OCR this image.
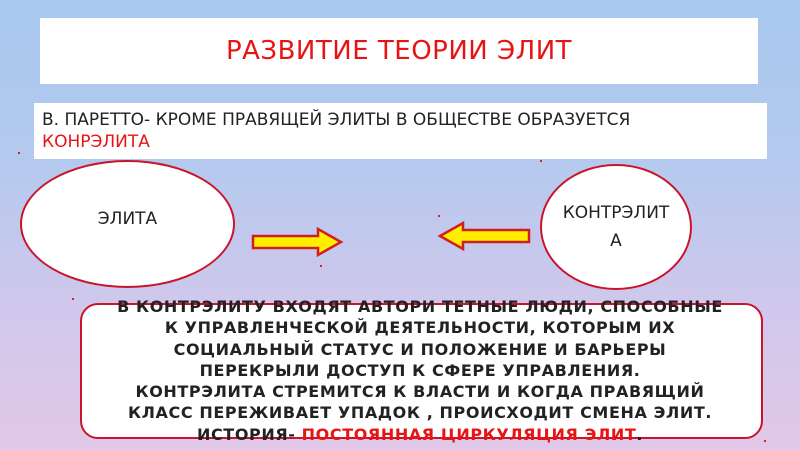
РАЗВИТИЕ ТЕОРИИ ЭЛИТ
В. ПАРЕТТО- КРОМЕ ПРАВЯЩЕЙ ЭЛИТЫ В ОБЩЕСТВЕ ОБРАЗУЕТСЯ
КОНРЭЛИТА
ЭЛИТА	КОНТРЭЛИТ
А
В КОНТРЭЛИТУ ВХОДЯТ АВТОРИ ТЕТНЫЕ ЛЮДИ, СПОСОБНЫЕ
К УПРАВЛЕНЧЕСКОЙ ДЕЯТЕЛЬНОСТИ, КОТОРЫМ ИХ
СОЦИАЛЬНЫЙ СТАТУС И ПОЛОЖЕНИЕ И БАРЬЕРЫ
ПЕРЕКРЫЛИ ДОСТУП К СФЕРЕ УПРАВЛЕНИЯ.
КОНТРЭЛИТА СТРЕМИТСЯ К ВЛАСТИ И КОГДА ПРАВЯЩИЙ
КЛАСС ПЕРЕЖИВАЕТ УПАДОК , ПРОИСХОДИТ СМЕНА ЭЛИТ.
ИСТОРИЯ- ПОСТОЯННАЯ ЦИРКУЛЯЦИЯ ЭЛИТ.
